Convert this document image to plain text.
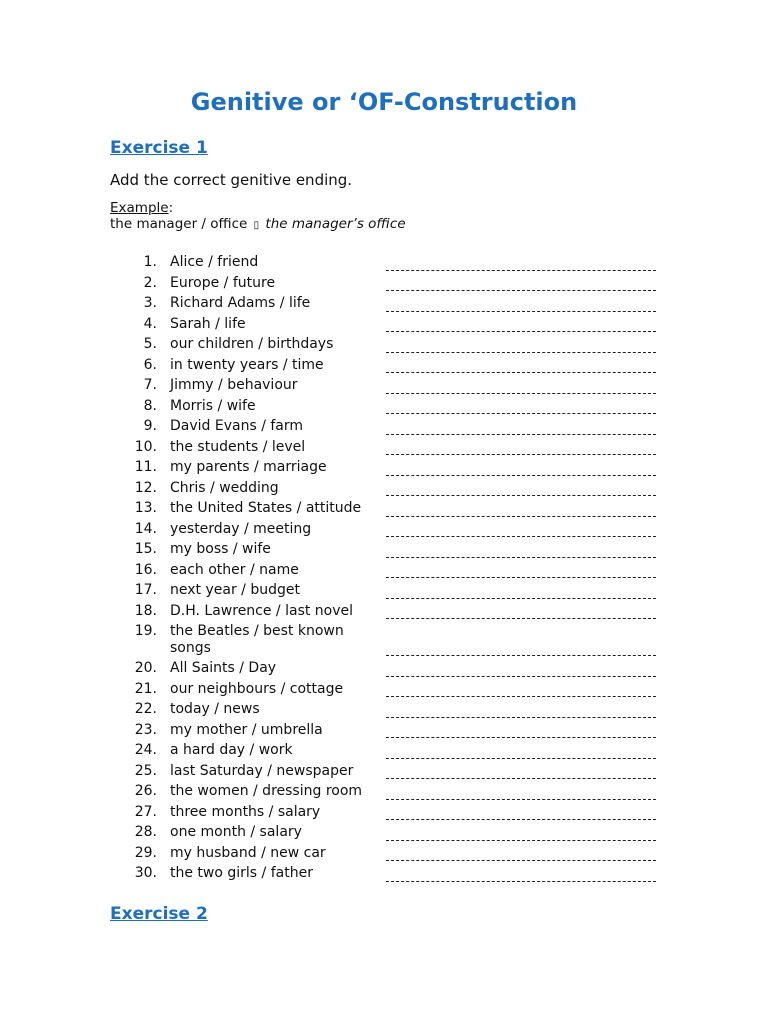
Genitive or ‘OF-Construction
Exercise 1
Add the correct genitive ending.
Example:
the manager / office ▯ the manager’s office
1. Alice / friend
2. Europe / future
3. Richard Adams / life
4. Sarah / life
5. our children / birthdays
6. in twenty years / time
7. Jimmy / behaviour
8. Morris / wife
9. David Evans / farm
10. the students / level
11. my parents / marriage
12. Chris / wedding
13. the United States / attitude
14. yesterday / meeting
15. my boss / wife
16. each other / name
17. next year / budget
18. D.H. Lawrence / last novel
19. the Beatles / best known songs
20. All Saints / Day
21. our neighbours / cottage
22. today / news
23. my mother / umbrella
24. a hard day / work
25. last Saturday / newspaper
26. the women / dressing room
27. three months / salary
28. one month / salary
29. my husband / new car
30. the two girls / father
Exercise 2
